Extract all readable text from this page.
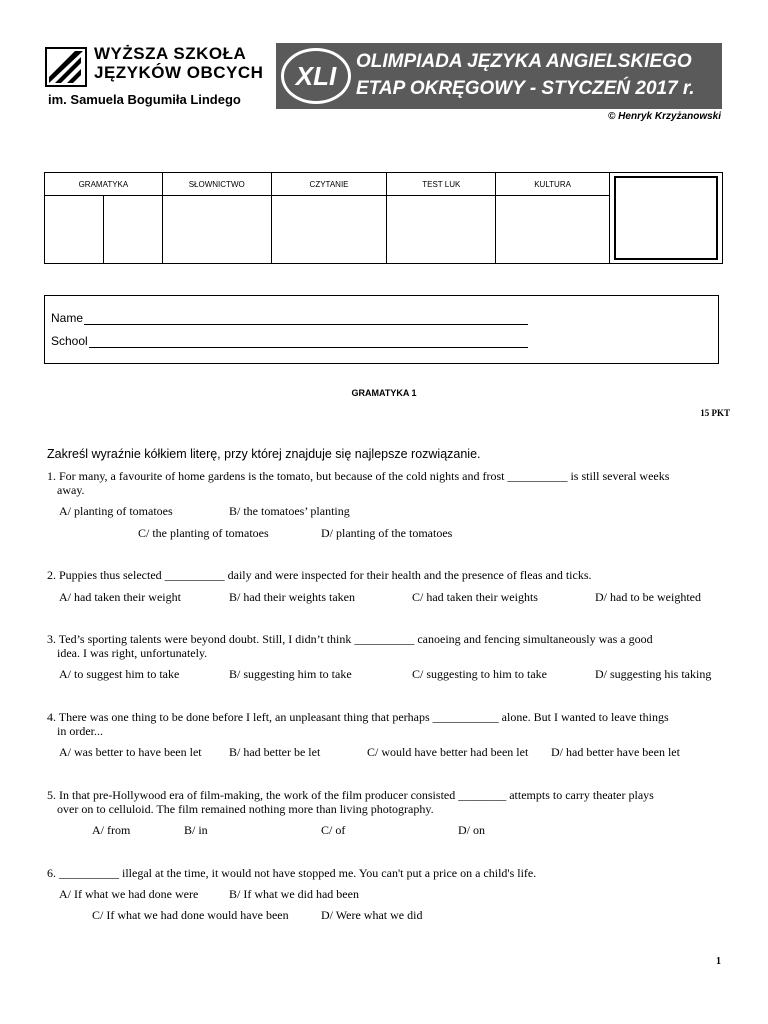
WYŻSZA SZKOŁA
JĘZYKÓW OBCYCH
im. Samuela Bogumiła Lindego
XLI	OLIMPIADA JĘZYKA ANGIELSKIEGO
ETAP OKRĘGOWY - STYCZEŃ 2017 r.
© Henryk Krzyżanowski
GRAMATYKA		SŁOWNICTWO	CZYTANIE	TEST LUK	KULTURA

Name
School
GRAMATYKA 1
15 PKT
Zakreśl wyraźnie kółkiem literę, przy której znajduje się najlepsze rozwiązanie.
1. For many, a favourite of home gardens is the tomato, but because of the cold nights and frost __________ is still several weeks
away.
A/ planting of tomatoes	B/ the tomatoes’ planting
C/ the planting of tomatoes	D/ planting of the tomatoes
2. Puppies thus selected __________ daily and were inspected for their health and the presence of fleas and ticks.
A/ had taken their weight	B/ had their weights taken	C/ had taken their weights	D/ had to be weighted
3. Ted’s sporting talents were beyond doubt. Still, I didn’t think __________ canoeing and fencing simultaneously was a good
idea. I was right, unfortunately.
A/ to suggest him to take	B/ suggesting him to take	C/ suggesting to him to take	D/ suggesting his taking
4. There was one thing to be done before I left, an unpleasant thing that perhaps ___________ alone. But I wanted to leave things
in order...
A/ was better to have been let B/ had better be let	C/ would have better had been let D/ had better have been let
5. In that pre-Hollywood era of film-making, the work of the film producer consisted ________ attempts to carry theater plays
over on to celluloid. The film remained nothing more than living photography.
A/ from	B/ in	C/ of	D/ on
6. __________ illegal at the time, it would not have stopped me. You can't put a price on a child's life.
A/ If what we had done were	B/ If what we did had been
C/ If what we had done would have been	D/ Were what we did
1
